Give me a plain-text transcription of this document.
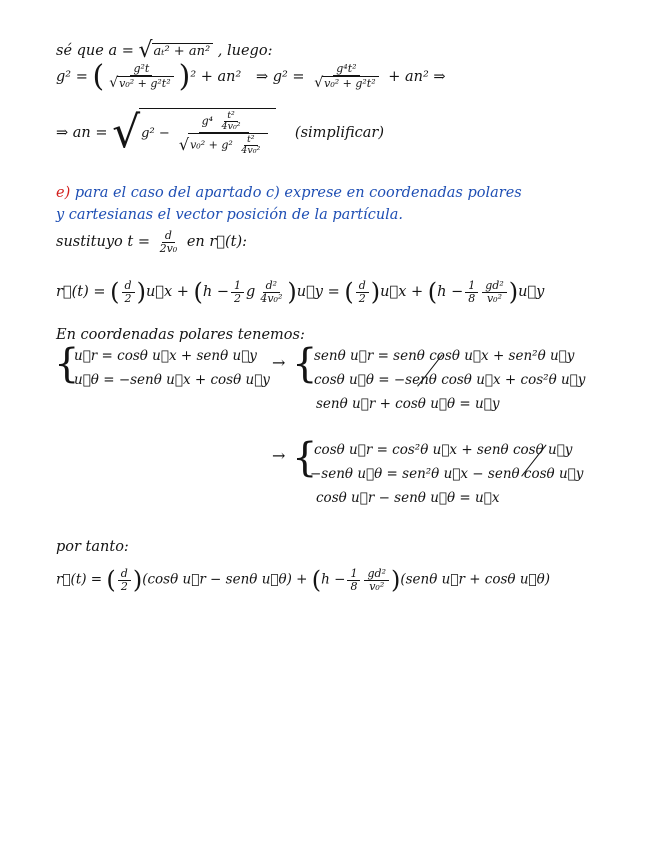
sé que a = √aₜ² + an² , luego:
g² = ( $\frac{\text{g²t}}{\text{√v₀² + g²t²}} )^2 + an^2$ ⇒ $g^2 = \frac{\text{g⁴t²}}{\text{√v₀² + g²t²}} + an^2$ ⇒
⇒ an = $√g^2 - \frac{g^4 \frac{\text{t²}}{\text{4v₀²}}}{√v_0^2 + g^2 \frac{\text{t²}}{\text{4v₀²}}}$ (simplificar)
e) para el caso del apartado c) exprese en coordenadas polares
y cartesianas el vector posición de la partícula.
sustituyo $t = \frac{d}{\text{2v₀}}$ en r⃗(t):
r⃗(t) = ( $\frac{d}{2}$ )u⃗x + ($h - \frac{1}{2}$ g $\frac{\text{d²}}{\text{4v₀²}}$ )u⃗y = ( $\frac{d}{2}$ )u⃗x + ($h - \frac{1}{8} \frac{\text{gd²}}{\text{v₀²}}$ )u⃗y
En coordenadas polares tenemos:
{
u⃗r = cosθ u⃗x + senθ u⃗y
u⃗θ = −senθ u⃗x + cosθ u⃗y
→ {
senθ u⃗r = senθ cosθ u⃗x + sen²θ u⃗y
cosθ u⃗θ = −senθ cosθ u⃗x + cos²θ u⃗y
senθ u⃗r + cosθ u⃗θ = u⃗y
→ {
cosθ u⃗r = cos²θ u⃗x + senθ cosθ u⃗y
−senθ u⃗θ = sen²θ u⃗x − senθ cosθ u⃗y
cosθ u⃗r − senθ u⃗θ = u⃗x
por tanto:
r⃗(t) = ( $\frac{d}{2} )(\cos\theta$ u⃗r − senθ u⃗θ) + $(h - \frac{1}{8} \frac{\text{gd²}}{\text{v₀²}} )(sen\theta$ u⃗r + cosθ u⃗θ)
